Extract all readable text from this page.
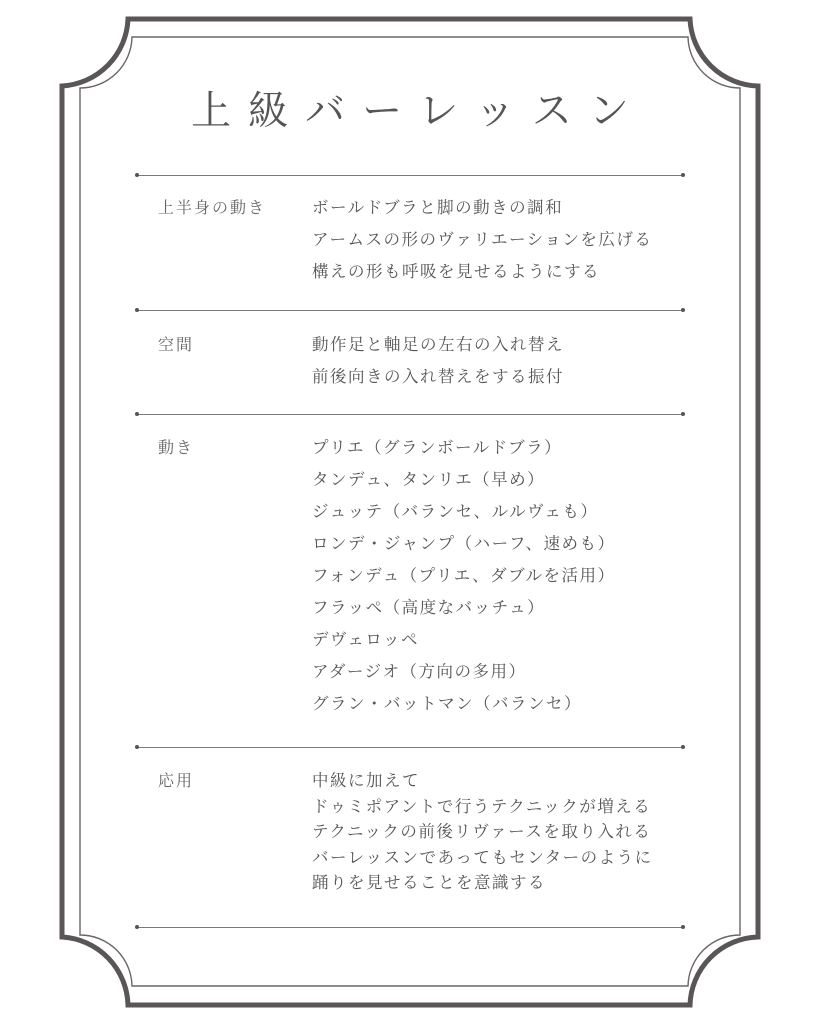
上級バーレッスン
上半身の動き	ボールドブラと脚の動きの調和
アームスの形のヴァリエーションを広げる
構えの形も呼吸を見せるようにする
空間	動作足と軸足の左右の入れ替え
前後向きの入れ替えをする振付
動き	プリエ（グランボールドブラ）
タンデュ、タンリエ（早め）
ジュッテ（バランセ、ルルヴェも）
ロンデ・ジャンプ（ハーフ、速めも）
フォンデュ（プリエ、ダブルを活用）
フラッペ（高度なバッチュ）
デヴェロッペ
アダージオ（方向の多用）
グラン・バットマン（バランセ）
応用	中級に加えて
ドゥミポアントで行うテクニックが増える
テクニックの前後リヴァースを取り入れる
バーレッスンであってもセンターのように
踊りを見せることを意識する
